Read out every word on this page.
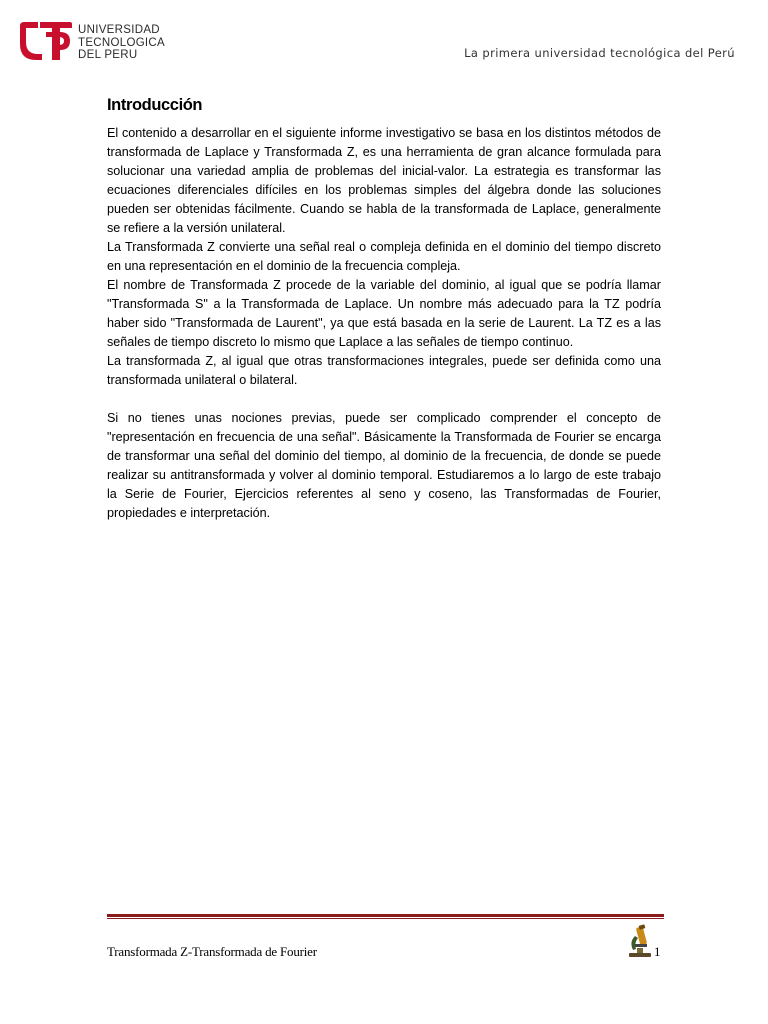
UNIVERSIDAD
TECNOLOGICA
DEL PERU	La primera universidad tecnológica del Perú
Introducción

El contenido a desarrollar en el siguiente informe investigativo se basa en los distintos métodos de transformada de Laplace y Transformada Z, es una herramienta de gran alcance formulada para solucionar una variedad amplia de problemas del inicial-valor. La estrategia es transformar las ecuaciones diferenciales difíciles en los problemas simples del álgebra donde las soluciones pueden ser obtenidas fácilmente. Cuando se habla de la transformada de Laplace, generalmente se refiere a la versión unilateral.

La Transformada Z convierte una señal real o compleja definida en el dominio del tiempo discreto en una representación en el dominio de la frecuencia compleja.

El nombre de Transformada Z procede de la variable del dominio, al igual que se podría llamar "Transformada S" a la Transformada de Laplace. Un nombre más adecuado para la TZ podría haber sido "Transformada de Laurent", ya que está basada en la serie de Laurent. La TZ es a las señales de tiempo discreto lo mismo que Laplace a las señales de tiempo continuo.

La transformada Z, al igual que otras transformaciones integrales, puede ser definida como una transformada unilateral o bilateral.

Si no tienes unas nociones previas, puede ser complicado comprender el concepto de "representación en frecuencia de una señal". Básicamente la Transformada de Fourier se encarga de transformar una señal del dominio del tiempo, al dominio de la frecuencia, de donde se puede realizar su antitransformada y volver al dominio temporal. Estudiaremos a lo largo de este trabajo la Serie de Fourier, Ejercicios referentes al seno y coseno, las Transformadas de Fourier, propiedades e interpretación.

Transformada Z-Transformada de Fourier	1
